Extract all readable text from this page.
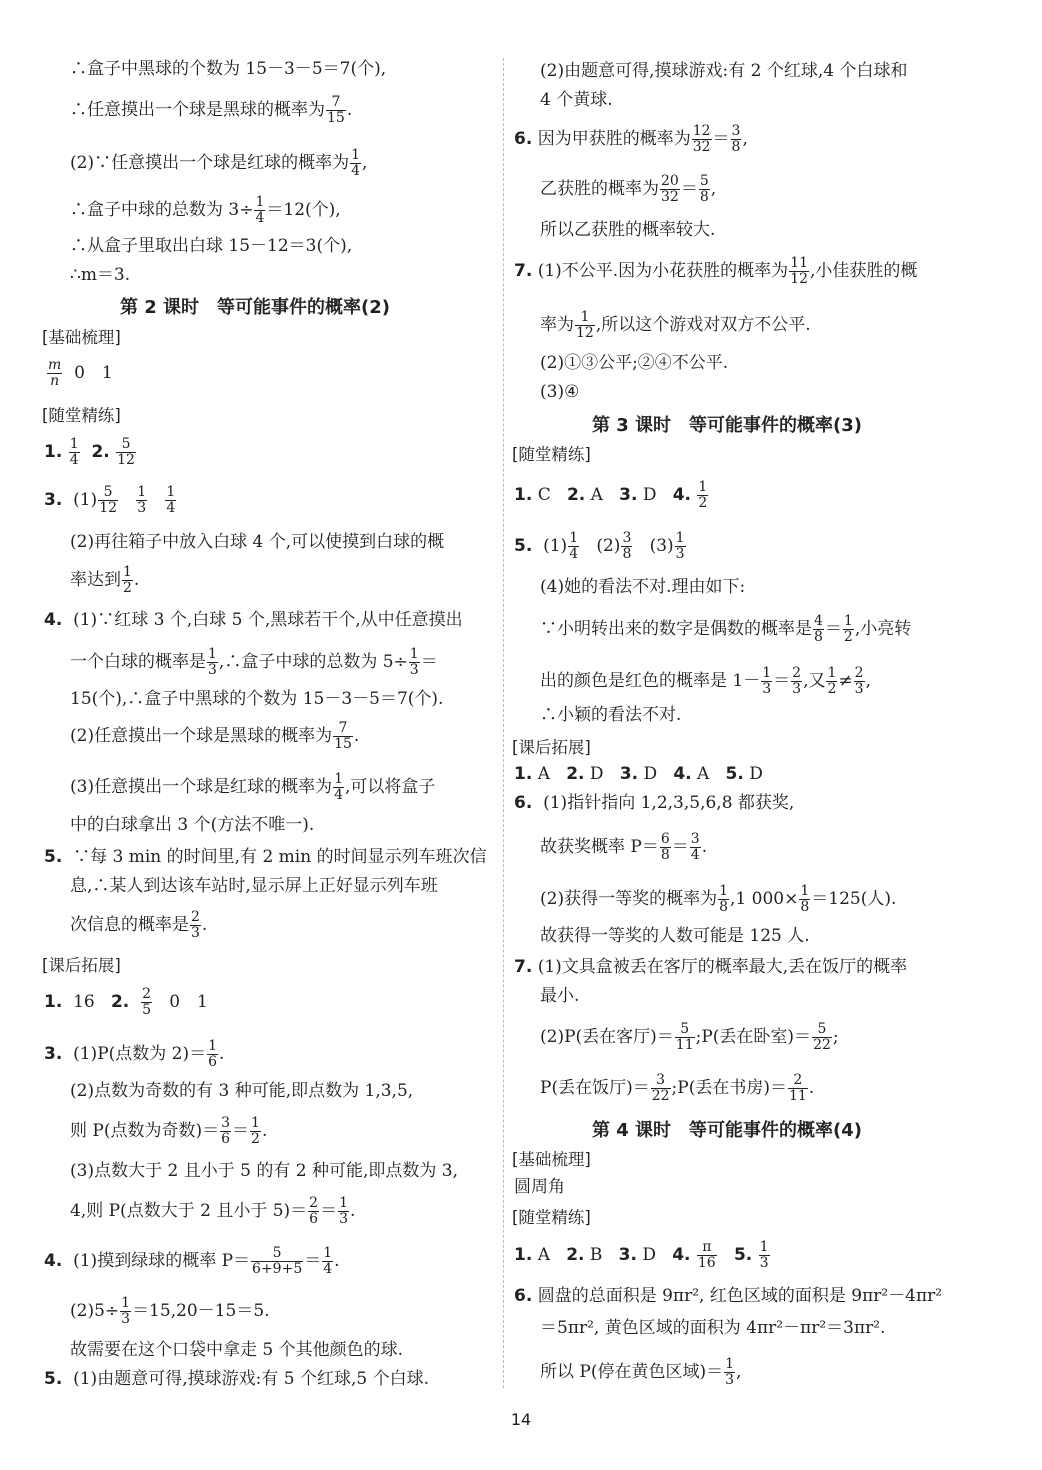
∴盒子中黑球的个数为 15－3－5＝7(个),
∴任意摸出一个球是黑球的概率为 $\frac{7}{15}$ .
(2)∵任意摸出一个球是红球的概率为 $\frac{1}{4}$ ,
∴盒子中球的总数为 $3\div \frac{1}{4} =12$(个),
∴从盒子里取出白球 15－12＝3(个),
∴m＝3.
第 2 课时　等可能事件的概率(2)
[基础梳理]
$\frac{m}{n} 0$　1
[随堂精练]
1. $\frac{1}{4} 2$. $\frac{5}{12}$
3. $(1) \frac{5}{12}$
$\frac{1}{3}$
$\frac{1}{4}$
(2)再往箱子中放入白球 4 个,可以使摸到白球的概
率达到 $\frac{1}{2}$ .
4. (1)∵红球 3 个,白球 5 个,黑球若干个,从中任意摸出
一个白球的概率是 $\frac{1}{3}$ ,∴盒子中球的总数为 $5\div \frac{1}{3}$ ＝
15(个),∴盒子中黑球的个数为 15－3－5＝7(个).
(2)任意摸出一个球是黑球的概率为 $\frac{7}{15}$ .
(3)任意摸出一个球是红球的概率为 $\frac{1}{4}$ ,可以将盒子
中的白球拿出 3 个(方法不唯一).
5. ∵每 3 min 的时间里,有 2 min 的时间显示列车班次信
息,∴某人到达该车站时,显示屏上正好显示列车班
次信息的概率是 $\frac{2}{3}$ .
[课后拓展]
1. 16 2. $\frac{2}{5} 0$　1
3. (1)P(点数为 $2)= \frac{1}{6}$ .
(2)点数为奇数的有 3 种可能,即点数为 1,3,5,
则 P(点数为奇数)＝ $\frac{3}{6} = \frac{1}{2}$ .
(3)点数大于 2 且小于 5 的有 2 种可能,即点数为 3,
4,则 P(点数大于 2 且小于 $5)= \frac{2}{6} = \frac{1}{3}$ .
4. (1)摸到绿球的概率 $P= \frac{5}{6+9+5} = \frac{1}{4}$ .
$(2)5\div \frac{1}{3} =15,20-15=5$.
故需要在这个口袋中拿走 5 个其他颜色的球.
5. (1)由题意可得,摸球游戏:有 5 个红球,5 个白球.
(2)由题意可得,摸球游戏:有 2 个红球,4 个白球和
4 个黄球.
6. 因为甲获胜的概率为 $\frac{12}{32} = \frac{3}{8}$ ,
乙获胜的概率为 $\frac{20}{32} = \frac{5}{8}$ ,
所以乙获胜的概率较大.
7. (1)不公平.因为小花获胜的概率为 $\frac{11}{12}$ ,小佳获胜的概
率为 $\frac{1}{12}$ ,所以这个游戏对双方不公平.
(2)①③公平;②④不公平.
(3)④
第 3 课时　等可能事件的概率(3)
[随堂精练]
1. C 2. A 3. D 4. $\frac{1}{2}$
5. $(1) \frac{1}{4} (2) \frac{3}{8} (3) \frac{1}{3}$
(4)她的看法不对.理由如下:
∵小明转出来的数字是偶数的概率是 $\frac{4}{8} = \frac{1}{2}$ ,小亮转
出的颜色是红色的概率是 $1- \frac{1}{3} = \frac{2}{3}$ ,又 $\frac{1}{2} \ne \frac{2}{3}$ ,
∴小颖的看法不对.
[课后拓展]
1. A 2. D 3. D 4. A 5. D
6. (1)指针指向 1,2,3,5,6,8 都获奖,
故获奖概率 $P= \frac{6}{8} = \frac{3}{4}$ .
(2)获得一等奖的概率为 $\frac{1}{8} ,1$ $000\times \frac{1}{8} =125$(人).
故获得一等奖的人数可能是 125 人.
7. (1)文具盒被丢在客厅的概率最大,丢在饭厅的概率
最小.
(2)P(丢在客厅)＝ $\frac{5}{11}$ ;P(丢在卧室)＝ $\frac{5}{22}$ ;
P(丢在饭厅)＝ $\frac{3}{22}$ ;P(丢在书房)＝ $\frac{2}{11}$ .
第 4 课时　等可能事件的概率(4)
[基础梳理]
圆周角
[随堂精练]
1. A 2. B 3. D 4. $\frac{\pi}{16} 5$. $\frac{1}{3}$
6. 圆盘的总面积是 9πr², 红色区域的面积是 9πr²－4πr²
＝5πr², 黄色区域的面积为 4πr²－πr²＝3πr².
所以 P(停在黄色区域)＝ $\frac{1}{3}$ ,
14
